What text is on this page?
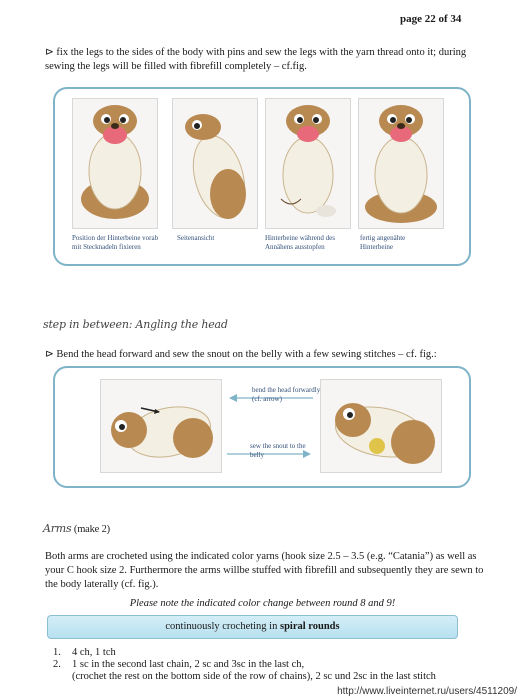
page 22 of 34
⊳ fix the legs to the sides of the body with pins and sew the legs with the yarn thread onto it; during sewing the legs will be filled with fibrefill completely – cf.fig.
Position der Hinterbeine vorab mit Stecknadeln fixieren
Seitenansicht	Hinterbeine während des Annähens ausstopfen
fertig angenähte Hinterbeine
step in between: Angling the head
⊳ Bend the head forward and sew the snout on the belly with a few sewing stitches – cf. fig.:
bend the head forwardly (cf. arrow)
sew the snout to the belly
Arms (make 2)
Both arms are crocheted using the indicated color yarns (hook size 2.5 – 3.5 (e.g. “Catania”) as well as your C hook size 2. Furthermore the arms willbe stuffed with fibrefill and subsequently they are sewn to the body laterally (cf. fig.).
Please note the indicated color change between round 8 and 9!
continuously crocheting in spiral rounds
1.	4 ch, 1 tch
2.	1 sc in the second last chain, 2 sc and 3sc in the last ch,
(crochet the rest on the bottom side of the row of chains), 2 sc und 2sc in the last stitch
http://www.liveinternet.ru/users/4511209/
